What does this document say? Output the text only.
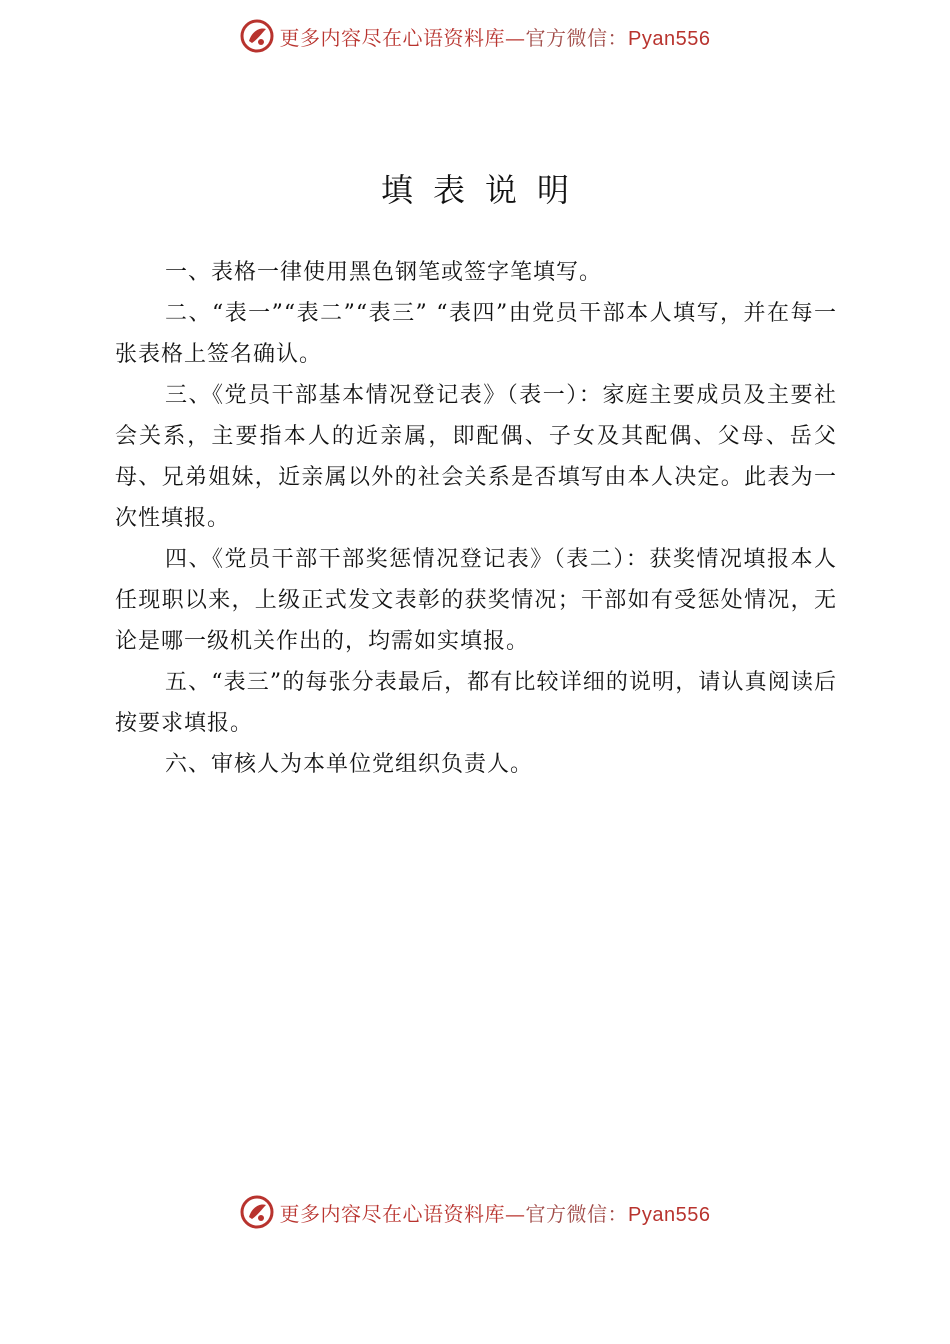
更多内容尽在心语资料库—官方微信：Pyan556
填表说明

一、表格一律使用黑色钢笔或签字笔填写。

二、“表一”“表二”“表三” “表四”由党员干部本人填写，并在每一张表格上签名确认。

三、《党员干部基本情况登记表》（表一）：家庭主要成员及主要社会关系，主要指本人的近亲属，即配偶、子女及其配偶、父母、岳父母、兄弟姐妹，近亲属以外的社会关系是否填写由本人决定。此表为一次性填报。

四、《党员干部干部奖惩情况登记表》（表二）：获奖情况填报本人任现职以来，上级正式发文表彰的获奖情况；干部如有受惩处情况，无论是哪一级机关作出的，均需如实填报。

五、“表三”的每张分表最后，都有比较详细的说明，请认真阅读后按要求填报。

六、审核人为本单位党组织负责人。

更多内容尽在心语资料库—官方微信：Pyan556
